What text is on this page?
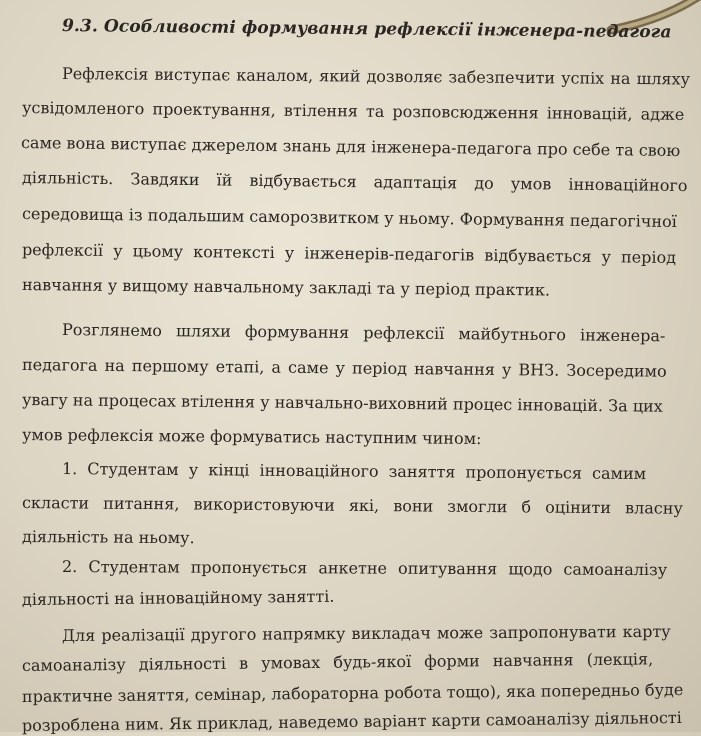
9.3. Особливості формування рефлексії інженера-педагога
Рефлексія виступає каналом, який дозволяє забезпечити успіх на шляху
усвідомленого проектування, втілення та розповсюдження інновацій, адже
саме вона виступає джерелом знань для інженера-педагога про себе та свою
діяльність. Завдяки їй відбувається адаптація до умов інноваційного
середовища із подальшим саморозвитком у ньому. Формування педагогічної
рефлексії у цьому контексті у інженерів-педагогів відбувається у період
навчання у вищому навчальному закладі та у період практик.
Розглянемо шляхи формування рефлексії майбутнього інженера-
педагога на першому етапі, а саме у період навчання у ВНЗ. Зосередимо
увагу на процесах втілення у навчально-виховний процес інновацій. За цих
умов рефлексія може формуватись наступним чином:
1. Студентам у кінці інноваційного заняття пропонується самим
скласти питання, використовуючи які, вони змогли б оцінити власну
діяльність на ньому.
2. Студентам пропонується анкетне опитування щодо самоаналізу
діяльності на інноваційному занятті.
Для реалізації другого напрямку викладач може запропонувати карту
самоаналізу діяльності в умовах будь-якої форми навчання (лекція,
практичне заняття, семінар, лабораторна робота тощо), яка попередньо буде
розроблена ним. Як приклад, наведемо варіант карти самоаналізу діяльності
